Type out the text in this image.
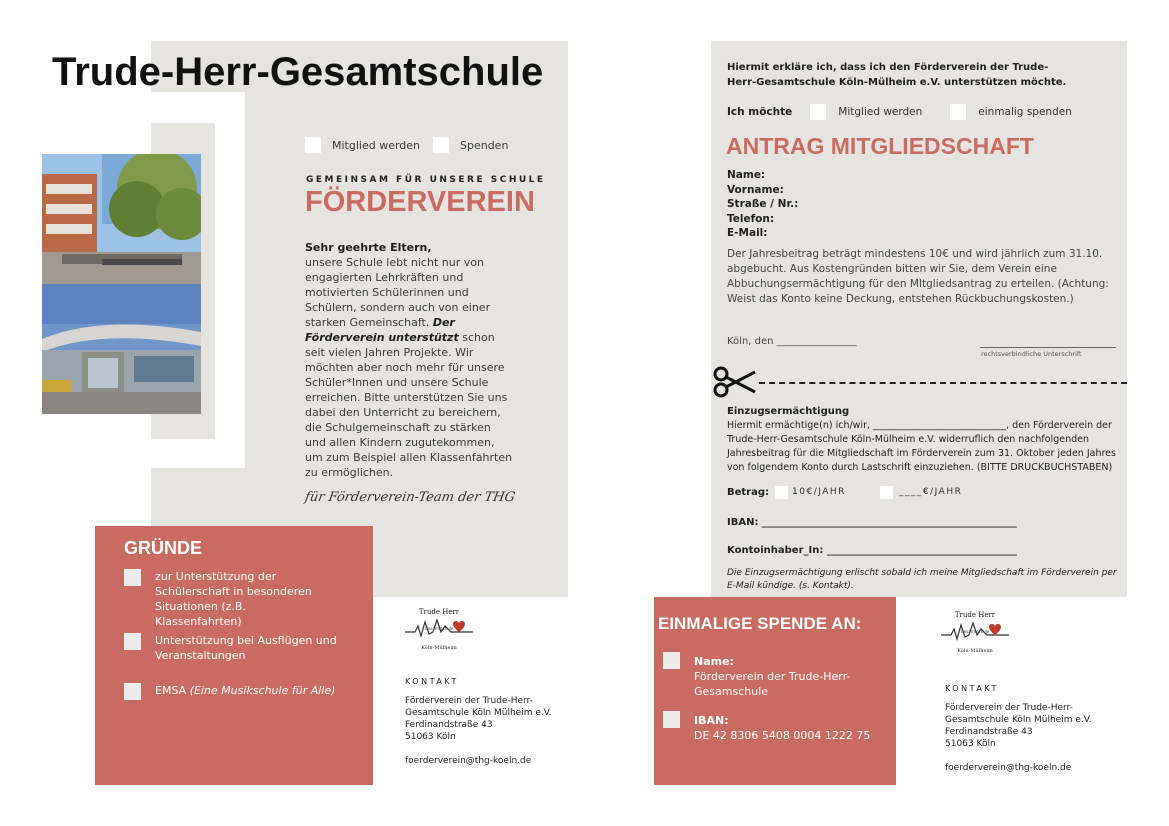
Trude-Herr-Gesamtschule
Mitglied werden	Spenden
GEMEINSAM FÜR UNSERE SCHULE
FÖRDERVEREIN
Sehr geehrte Eltern,
unsere Schule lebt nicht nur von engagierten Lehrkräften und motivierten Schülerinnen und Schülern, sondern auch von einer starken Gemeinschaft. Der Förderverein unterstützt schon seit vielen Jahren Projekte. Wir möchten aber noch mehr für unsere Schüler*Innen und unsere Schule erreichen. Bitte unterstützen Sie uns dabei den Unterricht zu bereichern, die Schulgemeinschaft zu stärken und allen Kindern zugutekommen, um zum Beispiel allen Klassenfahrten zu ermöglichen.
für Förderverein-Team der THG
GRÜNDE
zur Unterstützung der Schülerschaft in besonderen Situationen (z.B. Klassenfahrten)
Unterstützung bei Ausflügen und Veranstaltungen
EMSA (Eine Musikschule für Alle)
Trude Herr
Gesamtschule
Köln-Mülheim
KONTAKT
Förderverein der Trude-Herr-
Gesamtschule Köln Mülheim e.V.
Ferdinandstraße 43
51063 Köln
foerderverein@thg-koeln.de
Hiermit erkläre ich, dass ich den Förderverein der Trude-Herr-Gesamtschule Köln-Mülheim e.V. unterstützen möchte.
Ich möchte	Mitglied werden	einmalig spenden
ANTRAG MITGLIEDSCHAFT
Name:
Vorname:
Straße / Nr.:
Telefon:
E-Mail:
Der Jahresbeitrag beträgt mindestens 10€ und wird jährlich zum 31.10. abgebucht. Aus Kostengründen bitten wir Sie, dem Verein eine Abbuchungsermächtigung für den MItgliedsantrag zu erteilen. (Achtung: Weist das Konto keine Deckung, entstehen Rückbuchungskosten.)
Köln, den ________________
rechtsverbindliche Unterschrift
Einzugsermächtigung
Hiermit ermächtige(n) ich/wir, ____________________________, den Förderverein der Trude-Herr-Gesamtschule Köln-Mülheim e.V. widerruflich den nachfolgenden Jahresbeitrag für die Mitgliedschaft im Förderverein zum 31. Oktober jeden Jahres von folgendem Konto durch Lastschrift einzuziehen. (BITTE DRUCKBUCHSTABEN)
Betrag:	10€/JAHR	____€/JAHR
IBAN: ___________________________________________________
Kontoinhaber_In: ______________________________________
Die Einzugsermächtigung erlischt sobald ich meine Mitgliedschaft im Förderverein per E-Mail kündige. (s. Kontakt).
EINMALIGE SPENDE AN:
Name:
Förderverein der Trude-Herr-Gesamschule
IBAN:
DE 42 8306 5408 0004 1222 75
Trude Herr
Gesamtschule
Köln-Mülheim
KONTAKT
Förderverein der Trude-Herr-
Gesamtschule Köln Mülheim e.V.
Ferdinandstraße 43
51063 Köln
foerderverein@thg-koeln.de
